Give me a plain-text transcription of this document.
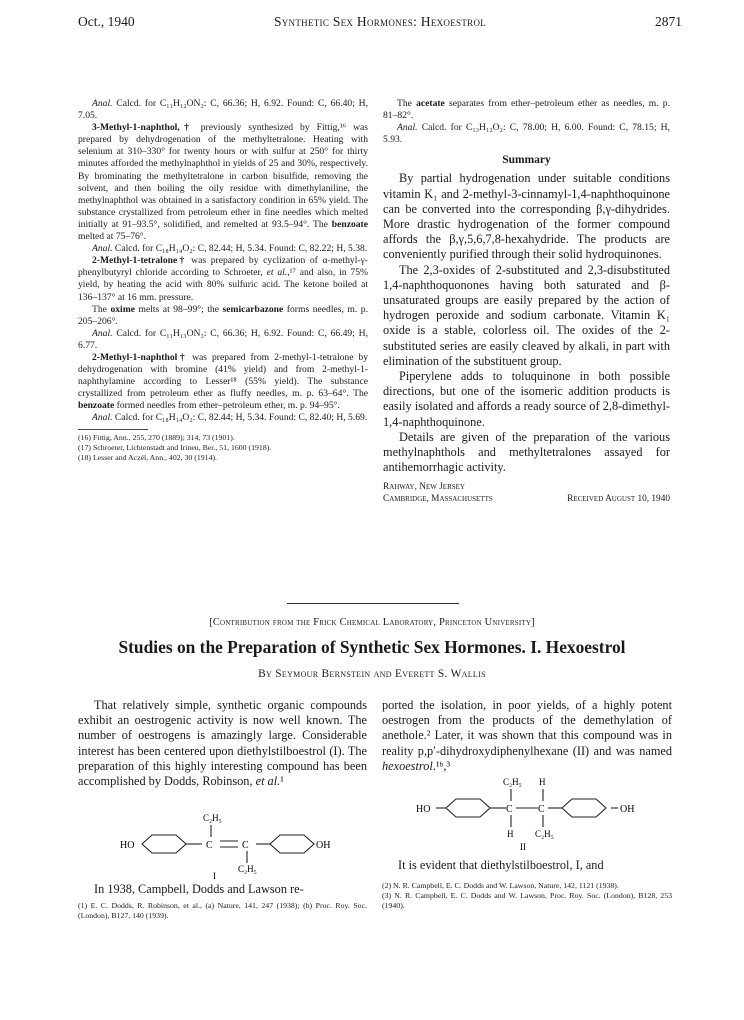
Oct., 1940	Synthetic Sex Hormones: Hexoestrol	2871

Anal. Calcd. for C₁₁H₁₂ON₂: C, 66.36; H, 6.92. Found: C, 66.40; H, 7.05.

3-Methyl-1-naphthol,† previously synthesized by Fittig,¹⁶ was prepared by dehydrogenation of the methyltetralone. Heating with selenium at 310–330° for twenty hours or with sulfur at 250° for thirty minutes afforded the methylnaphthol in yields of 25 and 30%, respectively. By brominating the methyltetralone in carbon bisulfide, removing the solvent, and then boiling the oily residue with dimethylaniline, the methylnaphthol was obtained in a satisfactory condition in 65% yield. The substance crystallized from petroleum ether in fine needles which melted initially at 91–93.5°, solidified, and remelted at 93.5–94°. The benzoate melted at 75–76°.

Anal. Calcd. for C₁₈H₁₄O₂: C, 82.44; H, 5.34. Found: C, 82.22; H, 5.38.

2-Methyl-1-tetralone† was prepared by cyclization of α-methyl-γ-phenylbutyryl chloride according to Schroeter, et al.,¹⁷ and also, in 75% yield, by heating the acid with 80% sulfuric acid. The ketone boiled at 136–137° at 16 mm. pressure.

The oxime melts at 98–99°; the semicarbazone forms needles, m. p. 205–206°.

Anal. Calcd. for C₁₁H₁₃ON₃: C, 66.36; H, 6.92. Found: C, 66.49; H, 6.77.

2-Methyl-1-naphthol† was prepared from 2-methyl-1-tetralone by dehydrogenation with bromine (41% yield) and from 2-methyl-1-naphthylamine according to Lesser¹⁸ (55% yield). The substance crystallized from petroleum ether as fluffy needles, m. p. 63–64°. The benzoate formed needles from ether–petroleum ether, m. p. 94–95°.

Anal. Calcd. for C₁₈H₁₄O₂: C, 82.44; H, 5.34. Found: C, 82.40; H, 5.69.

(16) Fittig, Ann., 255, 270 (1889); 314, 73 (1901).

(17) Schroeter, Lichtenstadt and Irineu, Ber., 51, 1600 (1918).

(18) Lesser and Aczél, Ann., 402, 30 (1914).

The acetate separates from ether–petroleum ether as needles, m. p. 81–82°.

Anal. Calcd. for C₁₃H₁₂O₂: C, 78.00; H, 6.00. Found: C, 78.15; H, 5.93.

Summary

By partial hydrogenation under suitable conditions vitamin K₁ and 2-methyl-3-cinnamyl-1,4-naphthoquinone can be converted into the corresponding β,γ-dihydrides. More drastic hydrogenation of the former compound affords the β,γ,5,6,7,8-hexahydride. The products are conveniently purified through their solid hydroquinones.

The 2,3-oxides of 2-substituted and 2,3-disubstituted 1,4-naphthoquonones having both saturated and β-unsaturated groups are easily prepared by the action of hydrogen peroxide and sodium carbonate. Vitamin K₁ oxide is a stable, colorless oil. The oxides of the 2-substituted series are easily cleaved by alkali, in part with elimination of the substituent group.

Piperylene adds to toluquinone in both possible directions, but one of the isomeric addition products is easily isolated and affords a ready source of 2,8-dimethyl-1,4-naphthoquinone.

Details are given of the preparation of the various methylnaphthols and methyltetralones assayed for antihemorrhagic activity.

Rahway, New Jersey
Cambridge, Massachusetts	Received August 10, 1940
[Contribution from the Frick Chemical Laboratory, Princeton University]
Studies on the Preparation of Synthetic Sex Hormones. I. Hexoestrol
By Seymour Bernstein and Everett S. Wallis

That relatively simple, synthetic organic compounds exhibit an oestrogenic activity is now well known. The number of oestrogens is amazingly large. Considerable interest has been centered upon diethylstilboestrol (I). The preparation of this highly interesting compound has been accomplished by Dodds, Robinson, et al.¹

HO	OH
C	C
C₂H₅
C₂H₅
I

In 1938, Campbell, Dodds and Lawson re-

(1) E. C. Dodds, R. Robinson, et al., (a) Nature, 141, 247 (1938); (b) Proc. Roy. Soc. (London), B127, 140 (1939).

ported the isolation, in poor yields, of a highly potent oestrogen from the products of the demethylation of anethole.² Later, it was shown that this compound was in reality p,p′-dihydroxydiphenylhexane (II) and was named hexoestrol.¹ᵇ,³

HO	OH
C	C
C₂H₅ H
H C₂H₅
II

It is evident that diethylstilboestrol, I, and

(2) N. R. Campbell, E. C. Dodds and W. Lawson, Nature, 142, 1121 (1938).

(3) N. R. Campbell, E. C. Dodds and W. Lawson, Proc. Roy. Soc. (London), B128, 253 (1940).
